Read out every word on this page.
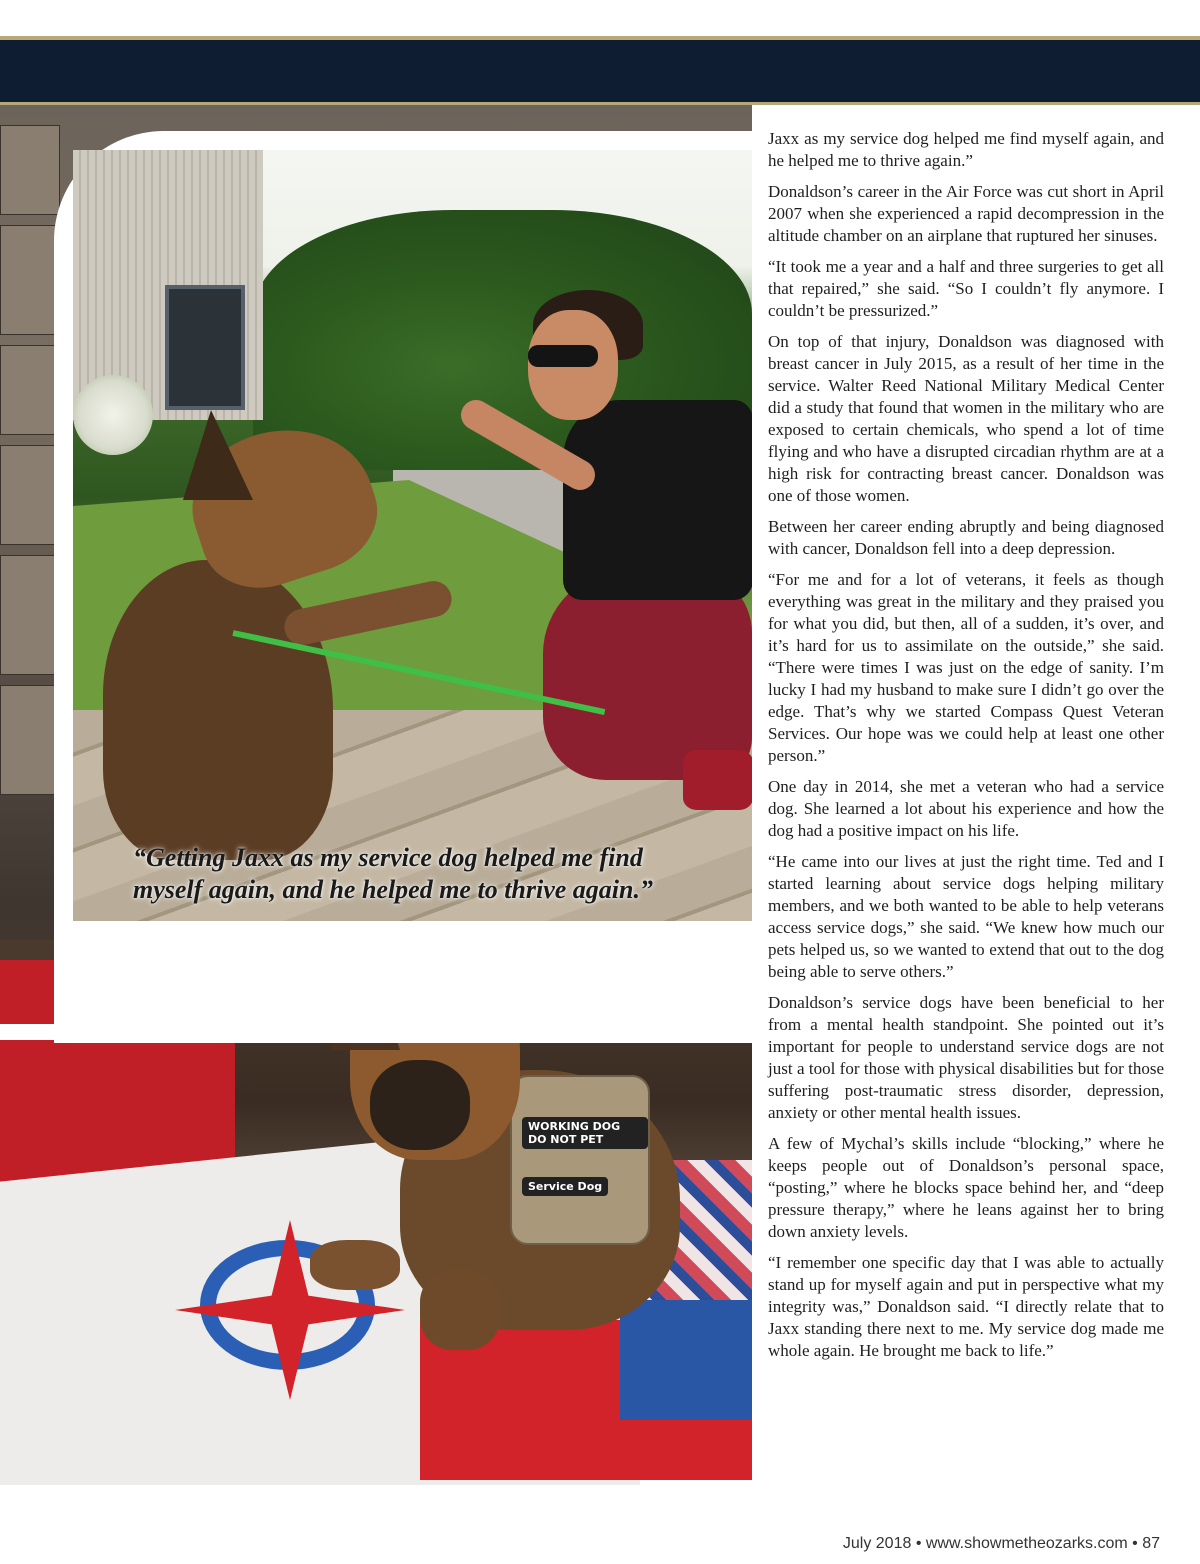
WORKING DOG DO NOT PET
Service Dog
“Getting Jaxx as my service dog helped me find
myself again, and he helped me to thrive again.”

Jaxx as my service dog helped me find myself again, and he helped me to thrive again.”

Donaldson’s career in the Air Force was cut short in April 2007 when she experienced a rapid decompression in the altitude chamber on an airplane that ruptured her sinuses.

“It took me a year and a half and three surgeries to get all that repaired,” she said. “So I couldn’t fly anymore. I couldn’t be pressurized.”

On top of that injury, Donaldson was diagnosed with breast cancer in July 2015, as a result of her time in the service. Walter Reed National Military Medical Center did a study that found that women in the military who are exposed to certain chemicals, who spend a lot of time flying and who have a disrupted circadian rhythm are at a high risk for contracting breast cancer. Donaldson was one of those women.

Between her career ending abruptly and being diagnosed with cancer, Donaldson fell into a deep depression.

“For me and for a lot of veterans, it feels as though everything was great in the military and they praised you for what you did, but then, all of a sudden, it’s over, and it’s hard for us to assimilate on the outside,” she said. “There were times I was just on the edge of sanity. I’m lucky I had my husband to make sure I didn’t go over the edge. That’s why we started Compass Quest Veteran Services. Our hope was we could help at least one other person.”

One day in 2014, she met a veteran who had a service dog. She learned a lot about his experience and how the dog had a positive impact on his life.

“He came into our lives at just the right time. Ted and I started learning about service dogs helping military members, and we both wanted to be able to help veterans access service dogs,” she said. “We knew how much our pets helped us, so we wanted to extend that out to the dog being able to serve others.”

Donaldson’s service dogs have been beneficial to her from a mental health standpoint. She pointed out it’s important for people to understand service dogs are not just a tool for those with physical disabilities but for those suffering post-traumatic stress disorder, depression, anxiety or other mental health issues.

A few of Mychal’s skills include “blocking,” where he keeps people out of Donaldson’s personal space, “posting,” where he blocks space behind her, and “deep pressure therapy,” where he leans against her to bring down anxiety levels.

“I remember one specific day that I was able to actually stand up for myself again and put in perspective what my integrity was,” Donaldson said. “I directly relate that to Jaxx standing there next to me. My service dog made me whole again. He brought me back to life.”

July 2018 • www.showmetheozarks.com • 87
